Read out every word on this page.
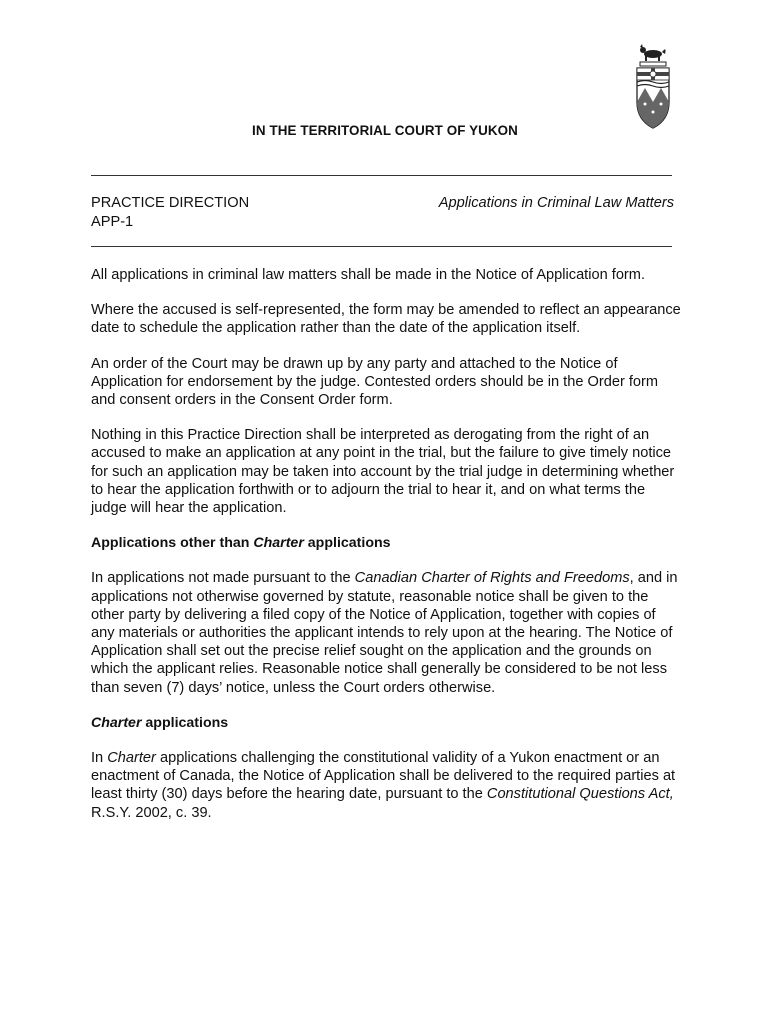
IN THE TERRITORIAL COURT OF YUKON
PRACTICE DIRECTION
APP-1
Applications in Criminal Law Matters

All applications in criminal law matters shall be made in the Notice of Application form.

Where the accused is self-represented, the form may be amended to reflect an appearance date to schedule the application rather than the date of the application itself.

An order of the Court may be drawn up by any party and attached to the Notice of Application for endorsement by the judge. Contested orders should be in the Order form and consent orders in the Consent Order form.

Nothing in this Practice Direction shall be interpreted as derogating from the right of an accused to make an application at any point in the trial, but the failure to give timely notice for such an application may be taken into account by the trial judge in determining whether to hear the application forthwith or to adjourn the trial to hear it, and on what terms the judge will hear the application.

Applications other than Charter applications

In applications not made pursuant to the Canadian Charter of Rights and Freedoms, and in applications not otherwise governed by statute, reasonable notice shall be given to the other party by delivering a filed copy of the Notice of Application, together with copies of any materials or authorities the applicant intends to rely upon at the hearing. The Notice of Application shall set out the precise relief sought on the application and the grounds on which the applicant relies. Reasonable notice shall generally be considered to be not less than seven (7) days’ notice, unless the Court orders otherwise.

Charter applications

In Charter applications challenging the constitutional validity of a Yukon enactment or an enactment of Canada, the Notice of Application shall be delivered to the required parties at least thirty (30) days before the hearing date, pursuant to the Constitutional Questions Act, R.S.Y. 2002, c. 39.
